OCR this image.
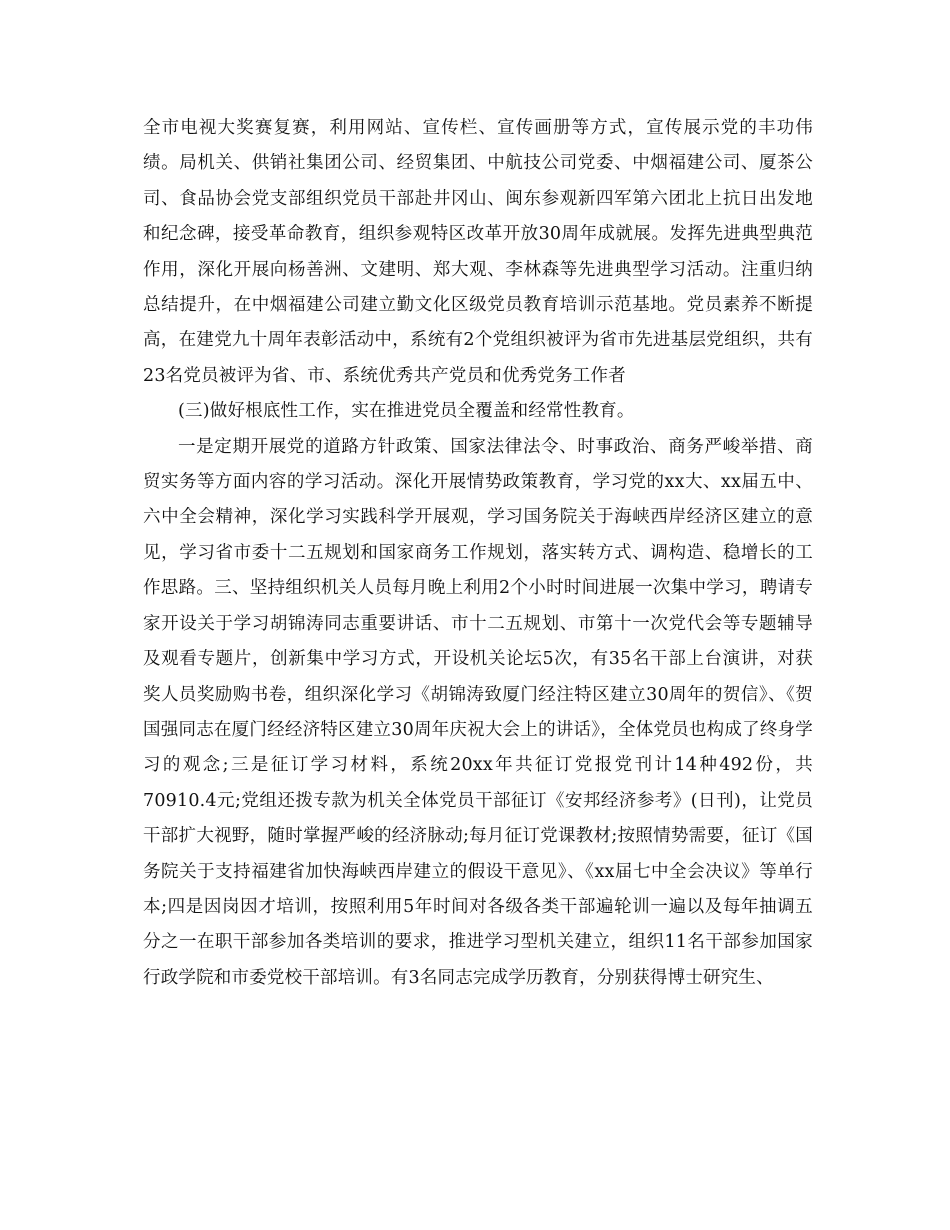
全市电视大奖赛复赛，利用网站、宣传栏、宣传画册等方式，宣传展示党的丰功伟绩。局机关、供销社集团公司、经贸集团、中航技公司党委、中烟福建公司、厦茶公司、食品协会党支部组织党员干部赴井冈山、闽东参观新四军第六团北上抗日出发地和纪念碑，接受革命教育，组织参观特区改革开放30周年成就展。发挥先进典型典范作用，深化开展向杨善洲、文建明、郑大观、李林森等先进典型学习活动。注重归纳总结提升，在中烟福建公司建立勤文化区级党员教育培训示范基地。党员素养不断提高，在建党九十周年表彰活动中，系统有2个党组织被评为省市先进基层党组织，共有23名党员被评为省、市、系统优秀共产党员和优秀党务工作者

(三)做好根底性工作，实在推进党员全覆盖和经常性教育。

一是定期开展党的道路方针政策、国家法律法令、时事政治、商务严峻举措、商贸实务等方面内容的学习活动。深化开展情势政策教育，学习党的xx大、xx届五中、六中全会精神，深化学习实践科学开展观，学习国务院关于海峡西岸经济区建立的意见，学习省市委十二五规划和国家商务工作规划，落实转方式、调构造、稳增长的工作思路。三、坚持组织机关人员每月晚上利用2个小时时间进展一次集中学习，聘请专家开设关于学习胡锦涛同志重要讲话、市十二五规划、市第十一次党代会等专题辅导及观看专题片，创新集中学习方式，开设机关论坛5次，有35名干部上台演讲，对获奖人员奖励购书卷，组织深化学习《胡锦涛致厦门经注特区建立30周年的贺信》、《贺国强同志在厦门经经济特区建立30周年庆祝大会上的讲话》，全体党员也构成了终身学习的观念;三是征订学习材料，系统20xx年共征订党报党刊计14种492份，共70910.4元;党组还拨专款为机关全体党员干部征订《安邦经济参考》(日刊)，让党员干部扩大视野，随时掌握严峻的经济脉动;每月征订党课教材;按照情势需要，征订《国务院关于支持福建省加快海峡西岸建立的假设干意见》、《xx届七中全会决议》等单行本;四是因岗因才培训，按照利用5年时间对各级各类干部遍轮训一遍以及每年抽调五分之一在职干部参加各类培训的要求，推进学习型机关建立，组织11名干部参加国家行政学院和市委党校干部培训。有3名同志完成学历教育，分别获得博士研究生、
